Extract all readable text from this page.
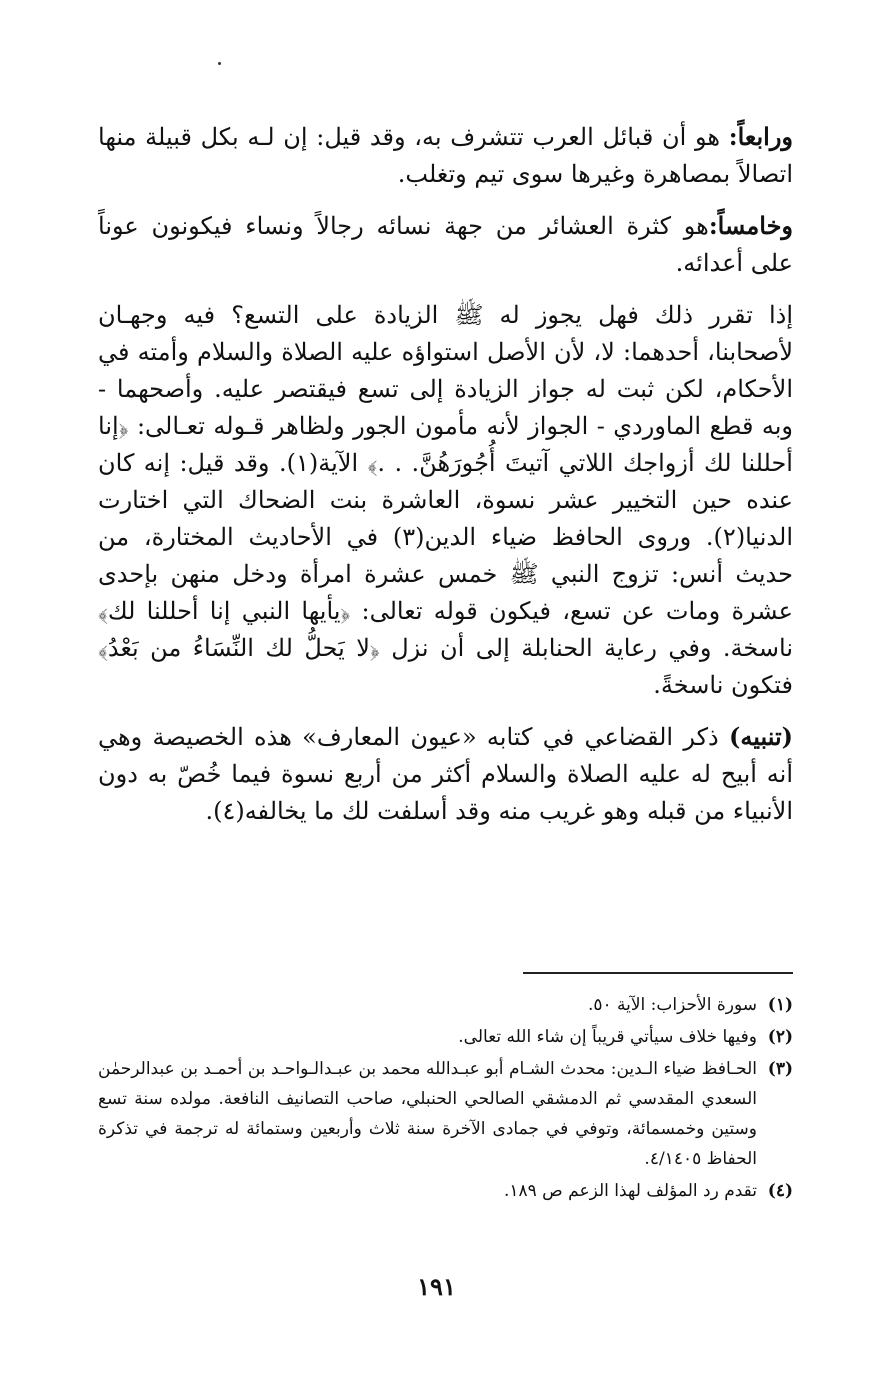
ورابعاً: هو أن قبائل العرب تتشرف به، وقد قيل: إن لـه بكل قبيلة منها اتصالاً بمصاهرة وغيرها سوى تيم وتغلب.

وخامساً:هو كثرة العشائر من جهة نسائه رجالاً ونساء فيكونون عوناً على أعدائه.

إذا تقرر ذلك فهل يجوز له ﷺ الزيادة على التسع؟ فيه وجهـان لأصحابنا، أحدهما: لا، لأن الأصل استواؤه عليه الصلاة والسلام وأمته في الأحكام، لكن ثبت له جواز الزيادة إلى تسع فيقتصر عليه. وأصحهما - وبه قطع الماوردي - الجواز لأنه مأمون الجور ولظاهر قـوله تعـالى: ﴿إنا أحللنا لك أزواجك اللاتي آتيتَ أُجُورَهُنَّ. . .﴾ الآية(١). وقد قيل: إنه كان عنده حين التخيير عشر نسوة، العاشرة بنت الضحاك التي اختارت الدنيا(٢). وروى الحافظ ضياء الدين(٣) في الأحاديث المختارة، من حديث أنس: تزوج النبي ﷺ خمس عشرة امرأة ودخل منهن بإحدى عشرة ومات عن تسع، فيكون قوله تعالى: ﴿يأيها النبي إنا أحللنا لك﴾ ناسخة. وفي رعاية الحنابلة إلى أن نزل ﴿لا يَحلُّ لك النِّسَاءُ من بَعْدُ﴾ فتكون ناسخةً.

(تنبيه) ذكر القضاعي في كتابه «عيون المعارف» هذه الخصيصة وهي أنه أبيح له عليه الصلاة والسلام أكثر من أربع نسوة فيما خُصّ به دون الأنبياء من قبله وهو غريب منه وقد أسلفت لك ما يخالفه(٤).

(١)
سورة الأحزاب: الآية ٥٠.
(٢)
وفيها خلاف سيأتي قريباً إن شاء الله تعالى.
(٣)
الحـافظ ضياء الـدين: محدث الشـام أبو عبـدالله محمد بن عبـدالـواحـد بن أحمـد بن عبدالرحمٰن السعدي المقدسي ثم الدمشقي الصالحي الحنبلي، صاحب التصانيف النافعة. مولده سنة تسع وستين وخمسمائة، وتوفي في جمادى الآخرة سنة ثلاث وأربعين وستمائة له ترجمة في تذكرة الحفاظ ٤/١٤٠٥.
(٤)
تقدم رد المؤلف لهذا الزعم ص ١٨٩.
١٩١
